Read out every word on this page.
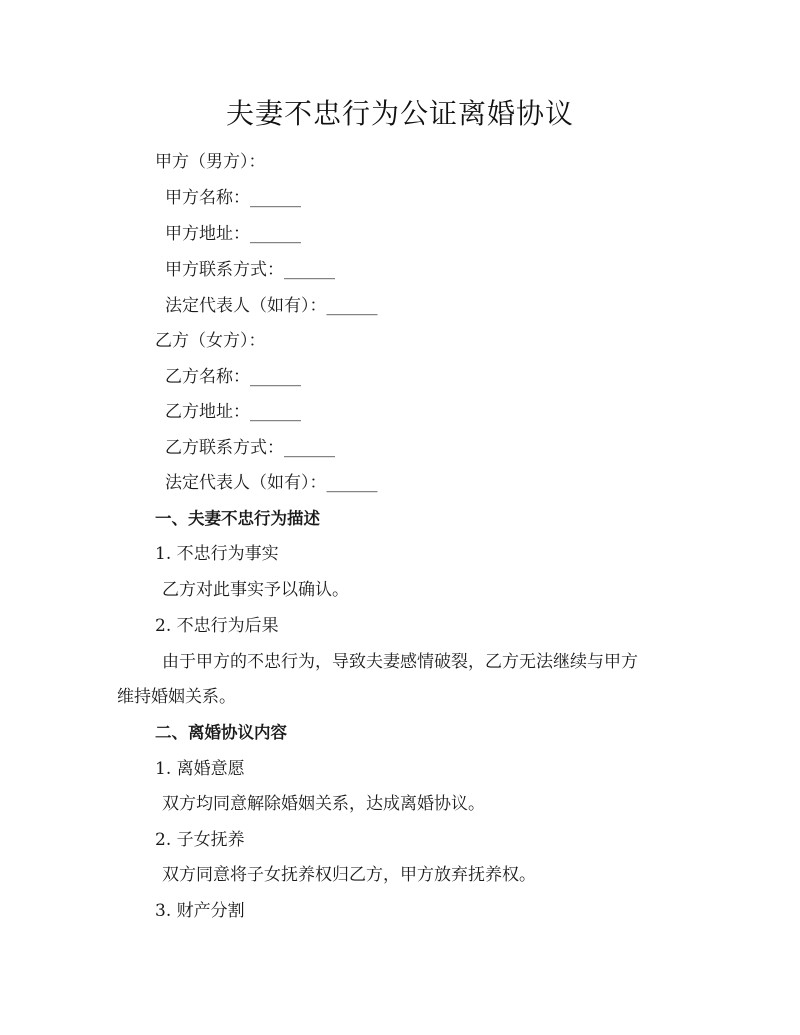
夫妻不忠行为公证离婚协议
甲方（男方）：
甲方名称：______
甲方地址：______
甲方联系方式：______
法定代表人（如有）：______
乙方（女方）：
乙方名称：______
乙方地址：______
乙方联系方式：______
法定代表人（如有）：______
一、夫妻不忠行为描述
1. 不忠行为事实
乙方对此事实予以确认。
2. 不忠行为后果
由于甲方的不忠行为，导致夫妻感情破裂，乙方无法继续与甲方
维持婚姻关系。
二、离婚协议内容
1. 离婚意愿
双方均同意解除婚姻关系，达成离婚协议。
2. 子女抚养
双方同意将子女抚养权归乙方，甲方放弃抚养权。
3. 财产分割
